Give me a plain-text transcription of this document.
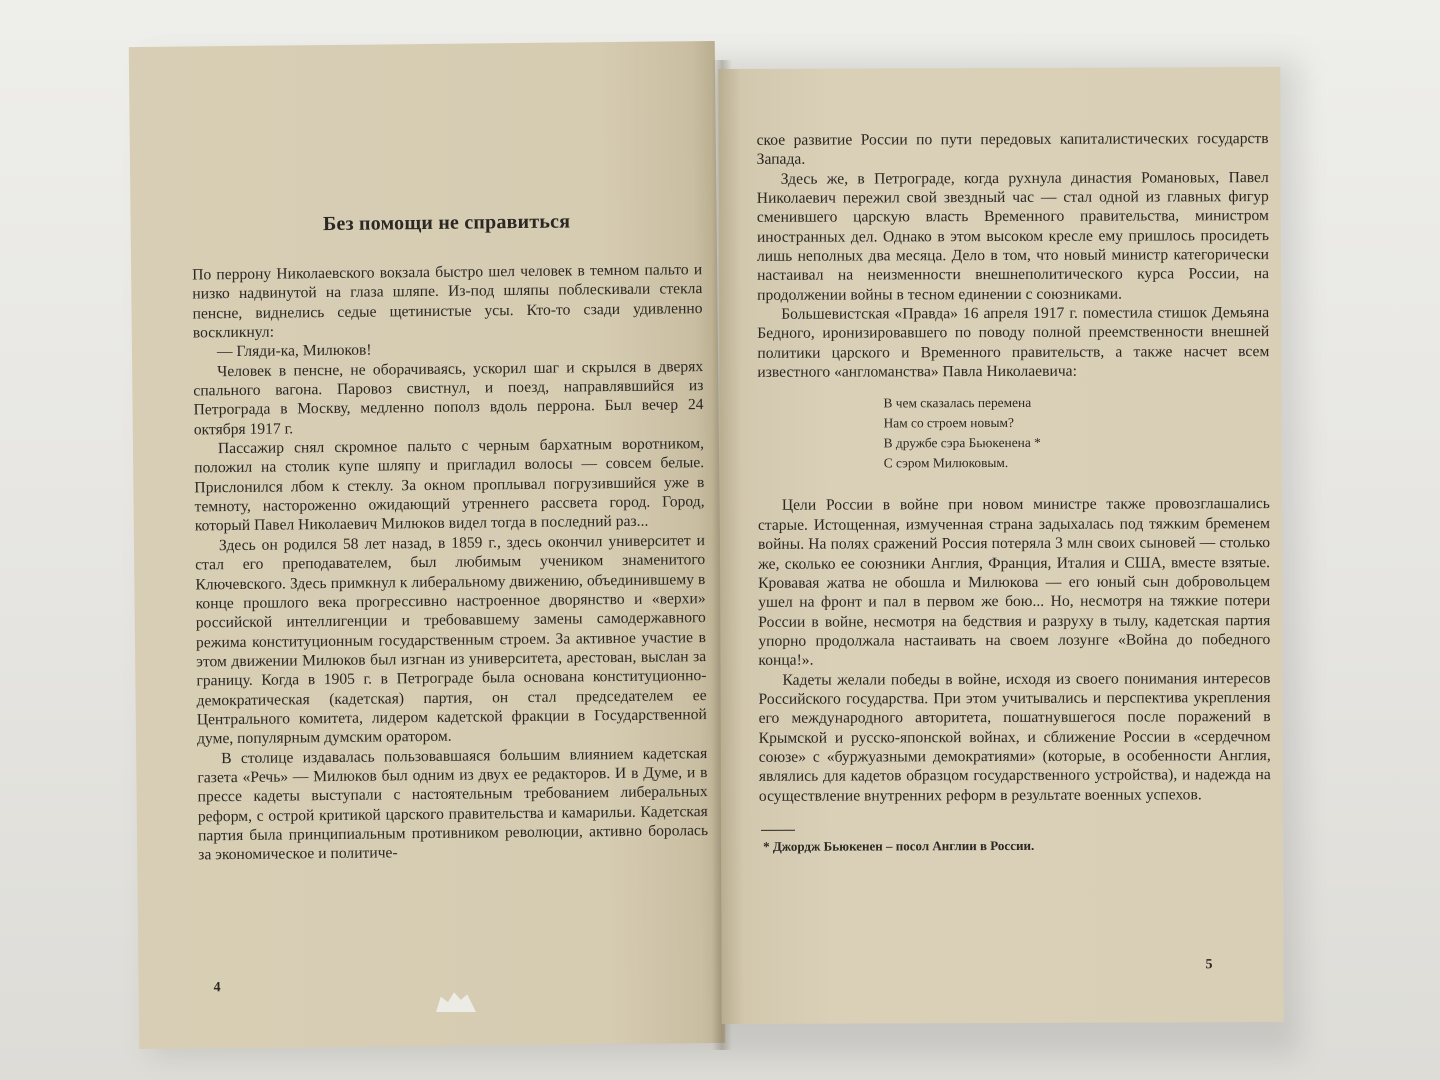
Без помощи не справиться

По перрону Николаевского вокзала быстро шел человек в темном пальто и низко надвинутой на глаза шляпе. Из-под шляпы поблескивали стекла пенсне, виднелись седые щетинистые усы. Кто-то сзади удивленно воскликнул:

— Гляди-ка, Милюков!

Человек в пенсне, не оборачиваясь, ускорил шаг и скрылся в дверях спального вагона. Паровоз свистнул, и поезд, направлявшийся из Петрограда в Москву, медленно пополз вдоль перрона. Был вечер 24 октября 1917 г.

Пассажир снял скромное пальто с черным бархатным воротником, положил на столик купе шляпу и пригладил волосы — совсем белые. Прислонился лбом к стеклу. За окном проплывал погрузившийся уже в темноту, настороженно ожидающий утреннего рассвета город. Город, который Павел Николаевич Милюков видел тогда в последний раз...

Здесь он родился 58 лет назад, в 1859 г., здесь окончил университет и стал его преподавателем, был любимым учеником знаменитого Ключевского. Здесь примкнул к либеральному движению, объединившему в конце прошлого века прогрессивно настроенное дворянство и «верхи» российской интеллигенции и требовавшему замены самодержавного режима конституционным государственным строем. За активное участие в этом движении Милюков был изгнан из университета, арестован, выслан за границу. Когда в 1905 г. в Петрограде была основана конституционно-демократическая (кадетская) партия, он стал председателем ее Центрального комитета, лидером кадетской фракции в Государственной думе, популярным думским оратором.

В столице издавалась пользовавшаяся большим влиянием кадетская газета «Речь» — Милюков был одним из двух ее редакторов. И в Думе, и в прессе кадеты выступали с настоятельным требованием либеральных реформ, с острой критикой царского правительства и камарильи. Кадетская партия была принципиальным противником революции, активно боролась за экономическое и политиче-

4

ское развитие России по пути передовых капиталистических государств Запада.

Здесь же, в Петрограде, когда рухнула династия Романовых, Павел Николаевич пережил свой звездный час — стал одной из главных фигур сменившего царскую власть Временного правительства, министром иностранных дел. Однако в этом высоком кресле ему пришлось просидеть лишь неполных два месяца. Дело в том, что новый министр категорически настаивал на неизменности внешнеполитического курса России, на продолжении войны в тесном единении с союзниками.

Большевистская «Правда» 16 апреля 1917 г. поместила стишок Демьяна Бедного, иронизировавшего по поводу полной преемственности внешней политики царского и Временного правительств, а также насчет всем известного «англоманства» Павла Николаевича:

В чем сказалась перемена
Нам со строем новым?
В дружбе сэра Бьюкенена *
С сэром Милюковым.

Цели России в войне при новом министре также провозглашались старые. Истощенная, измученная страна задыхалась под тяжким бременем войны. На полях сражений Россия потеряла 3 млн своих сыновей — столько же, сколько ее союзники Англия, Франция, Италия и США, вместе взятые. Кровавая жатва не обошла и Милюкова — его юный сын добровольцем ушел на фронт и пал в первом же бою... Но, несмотря на тяжкие потери России в войне, несмотря на бедствия и разруху в тылу, кадетская партия упорно продолжала настаивать на своем лозунге «Война до победного конца!».

Кадеты желали победы в войне, исходя из своего понимания интересов Российского государства. При этом учитывались и перспектива укрепления его международного авторитета, пошатнувшегося после поражений в Крымской и русско-японской войнах, и сближение России в «сердечном союзе» с «буржуазными демократиями» (которые, в особенности Англия, являлись для кадетов образцом государственного устройства), и надежда на осуществление внутренних реформ в результате военных успехов.

* Джордж Бьюкенен – посол Англии в России.
5
